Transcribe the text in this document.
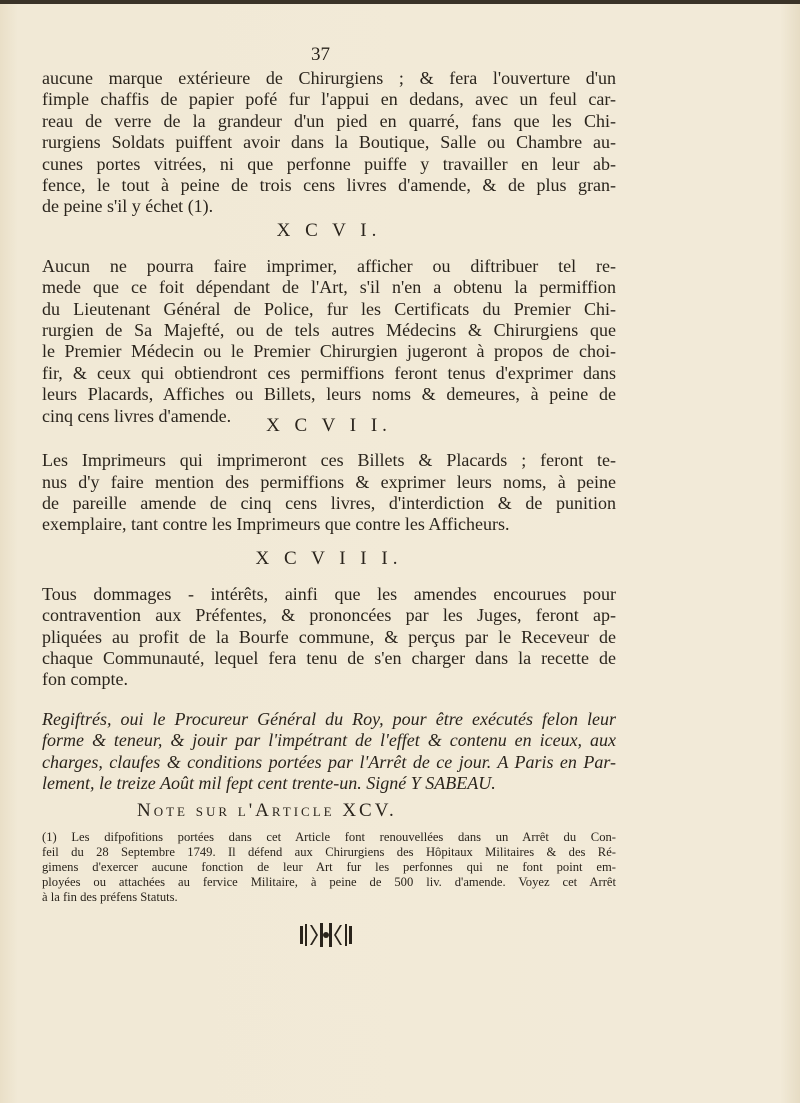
37

aucune marque extérieure de Chirurgiens ; & fera l'ouverture d'un
fimple chaffis de papier pofé fur l'appui en dedans, avec un feul car-
reau de verre de la grandeur d'un pied en quarré, fans que les Chi-
rurgiens Soldats puiffent avoir dans la Boutique, Salle ou Chambre au-
cunes portes vitrées, ni que perfonne puiffe y travailler en leur ab-
fence, le tout à peine de trois cens livres d'amende, & de plus gran-
de peine s'il y échet (1).

X C V I.

Aucun ne pourra faire imprimer, afficher ou diftribuer tel re-
mede que ce foit dépendant de l'Art, s'il n'en a obtenu la permiffion
du Lieutenant Général de Police, fur les Certificats du Premier Chi-
rurgien de Sa Majefté, ou de tels autres Médecins & Chirurgiens que
le Premier Médecin ou le Premier Chirurgien jugeront à propos de choi-
fir, & ceux qui obtiendront ces permiffions feront tenus d'exprimer dans
leurs Placards, Affiches ou Billets, leurs noms & demeures, à peine de
cinq cens livres d'amende.	X C V I I.

Les Imprimeurs qui imprimeront ces Billets & Placards ; feront te-
nus d'y faire mention des permiffions & exprimer leurs noms, à peine
de pareille amende de cinq cens livres, d'interdiction & de punition
exemplaire, tant contre les Imprimeurs que contre les Afficheurs.

X C V I I I.

Tous dommages - intérêts, ainfi que les amendes encourues pour
contravention aux Préfentes, & prononcées par les Juges, feront ap-
pliquées au profit de la Bourfe commune, & perçus par le Receveur de
chaque Communauté, lequel fera tenu de s'en charger dans la recette de
fon compte.

Regiftrés, oui le Procureur Général du Roy, pour être exécutés felon leur
forme & teneur, & jouir par l'impétrant de l'effet & contenu en iceux, aux
charges, claufes & conditions portées par l'Arrêt de ce jour. A Paris en Par-
lement, le treize Août mil fept cent trente-un. Signé Y SABEAU.

Note sur l'Article XCV.

(1) Les difpofitions portées dans cet Article font renouvellées dans un Arrêt du Con-
feil du 28 Septembre 1749. Il défend aux Chirurgiens des Hôpitaux Militaires & des Ré-
gimens d'exercer aucune fonction de leur Art fur les perfonnes qui ne font point em-
ployées ou attachées au fervice Militaire, à peine de 500 liv. d'amende. Voyez cet Arrêt
à la fin des préfens Statuts.
